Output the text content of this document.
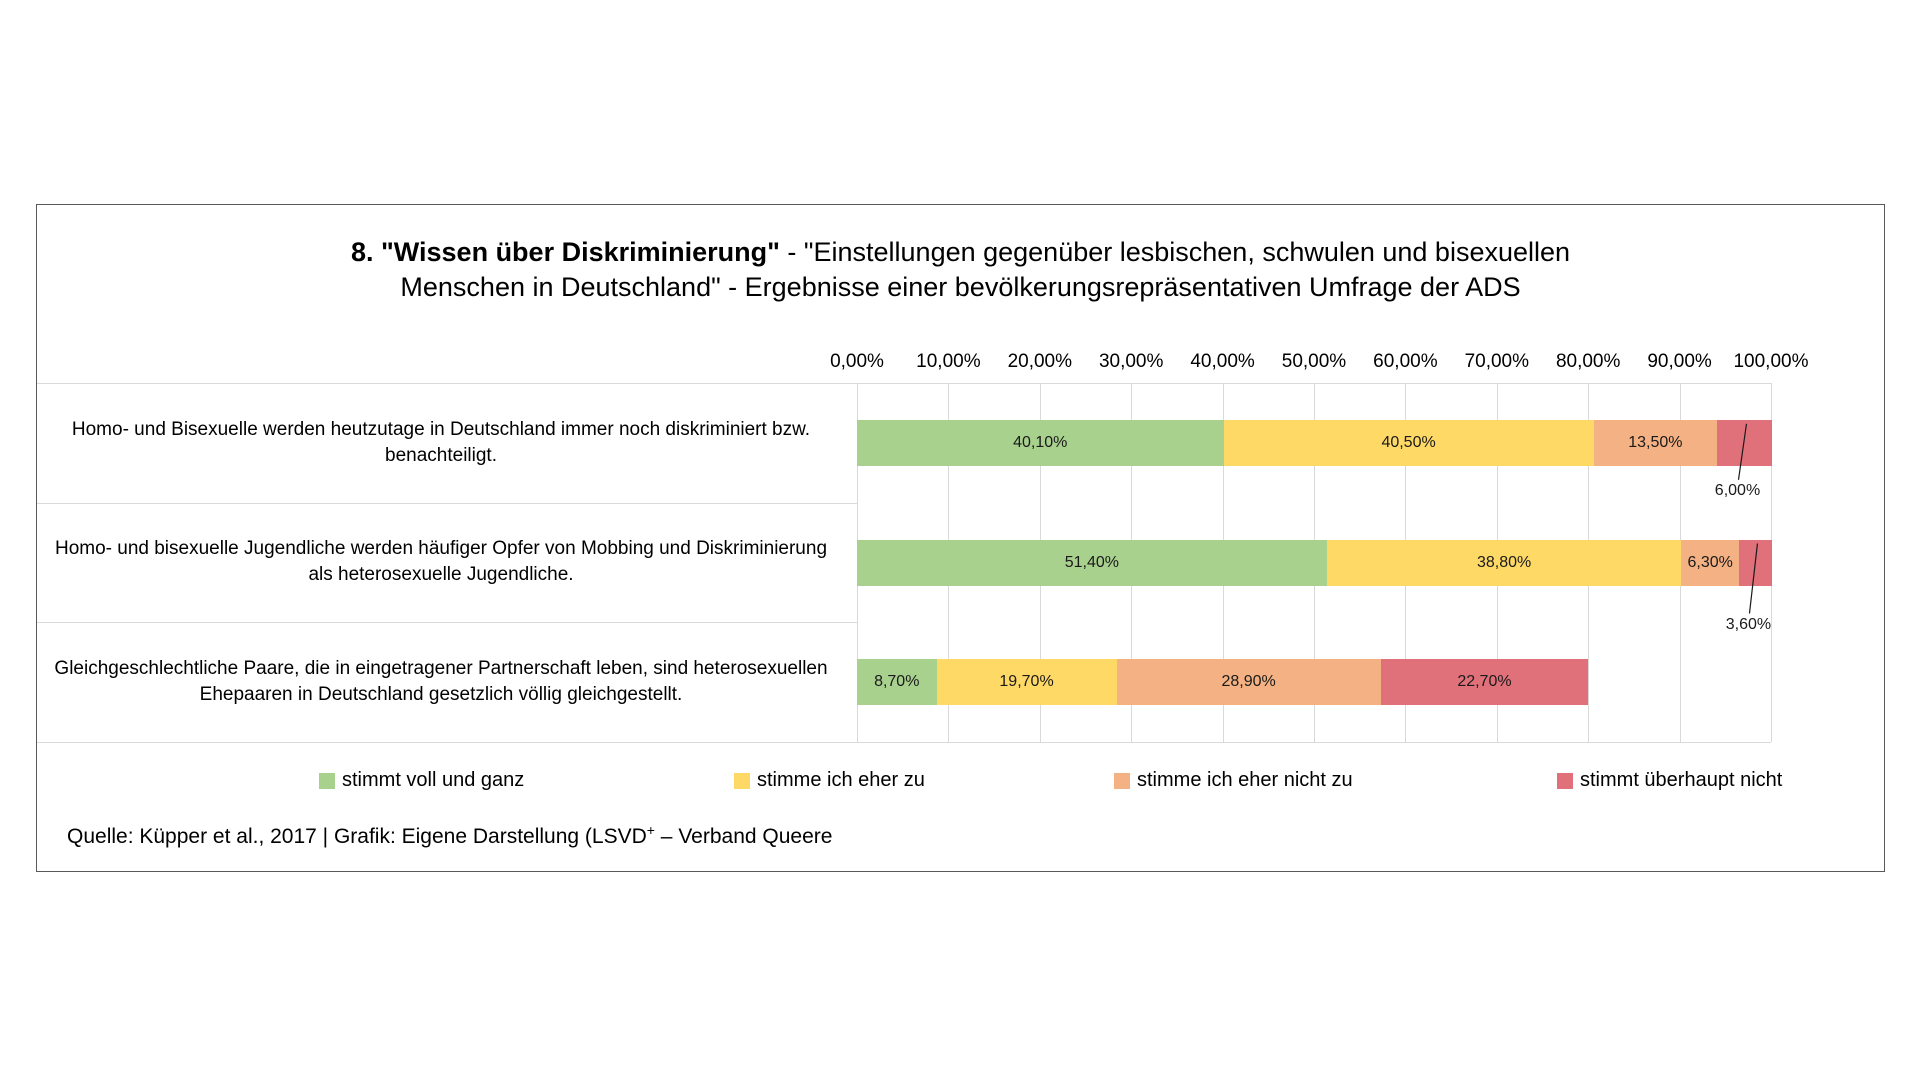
8. "Wissen über Diskriminierung" - "Einstellungen gegenüber lesbischen, schwulen und bisexuellen
Menschen in Deutschland" - Ergebnisse einer bevölkerungsrepräsentativen Umfrage der ADS
Quelle: Küpper et al., 2017 | Grafik: Eigene Darstellung (LSVD+ – Verband Queere
0,00%	10,00%	20,00%	30,00%	40,00%	50,00%	60,00%	70,00%	80,00%	90,00%	100,00%
Homo- und Bisexuelle werden heutzutage in Deutschland immer noch diskriminiert bzw. benachteiligt.
Homo- und bisexuelle Jugendliche werden häufiger Opfer von Mobbing und Diskriminierung als heterosexuelle Jugendliche.
Gleichgeschlechtliche Paare, die in eingetragener Partnerschaft leben, sind heterosexuellen Ehepaaren in Deutschland gesetzlich völlig gleichgestellt.
40,10%	40,50%	13,50%
6,00%
51,40%	38,80%	6,30%
3,60%
8,70%	19,70%	28,90%	22,70%
stimmt voll und ganz	stimme ich eher zu	stimme ich eher nicht zu	stimmt überhaupt nicht
